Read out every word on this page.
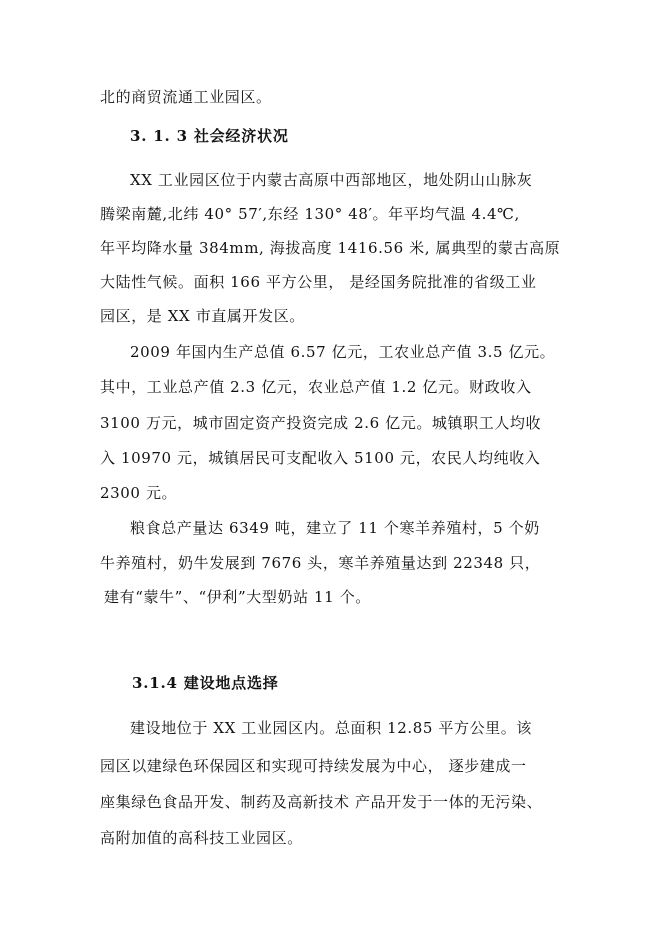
北的商贸流通工业园区。
3. 1. 3 社会经济状况
XX 工业园区位于内蒙古高原中西部地区，地处阴山山脉灰
腾梁南麓,北纬 40° 57′,东经 130° 48′。年平均气温 4.4℃,
年平均降水量 384mm, 海拔高度 1416.56 米, 属典型的蒙古高原
大陆性气候。面积 166 平方公里， 是经国务院批准的省级工业
园区，是 XX 市直属开发区。
2009 年国内生产总值 6.57 亿元，工农业总产值 3.5 亿元。
其中，工业总产值 2.3 亿元，农业总产值 1.2 亿元。财政收入
3100 万元，城市固定资产投资完成 2.6 亿元。城镇职工人均收
入 10970 元，城镇居民可支配收入 5100 元，农民人均纯收入
2300 元。
粮食总产量达 6349 吨，建立了 11 个寒羊养殖村，5 个奶
牛养殖村，奶牛发展到 7676 头，寒羊养殖量达到 22348 只，
建有“蒙牛”、“伊利”大型奶站 11 个。
3.1.4 建设地点选择
建设地位于 XX 工业园区内。总面积 12.85 平方公里。该
园区以建绿色环保园区和实现可持续发展为中心， 逐步建成一
座集绿色食品开发、制药及高新技术 产品开发于一体的无污染、
高附加值的高科技工业园区。
